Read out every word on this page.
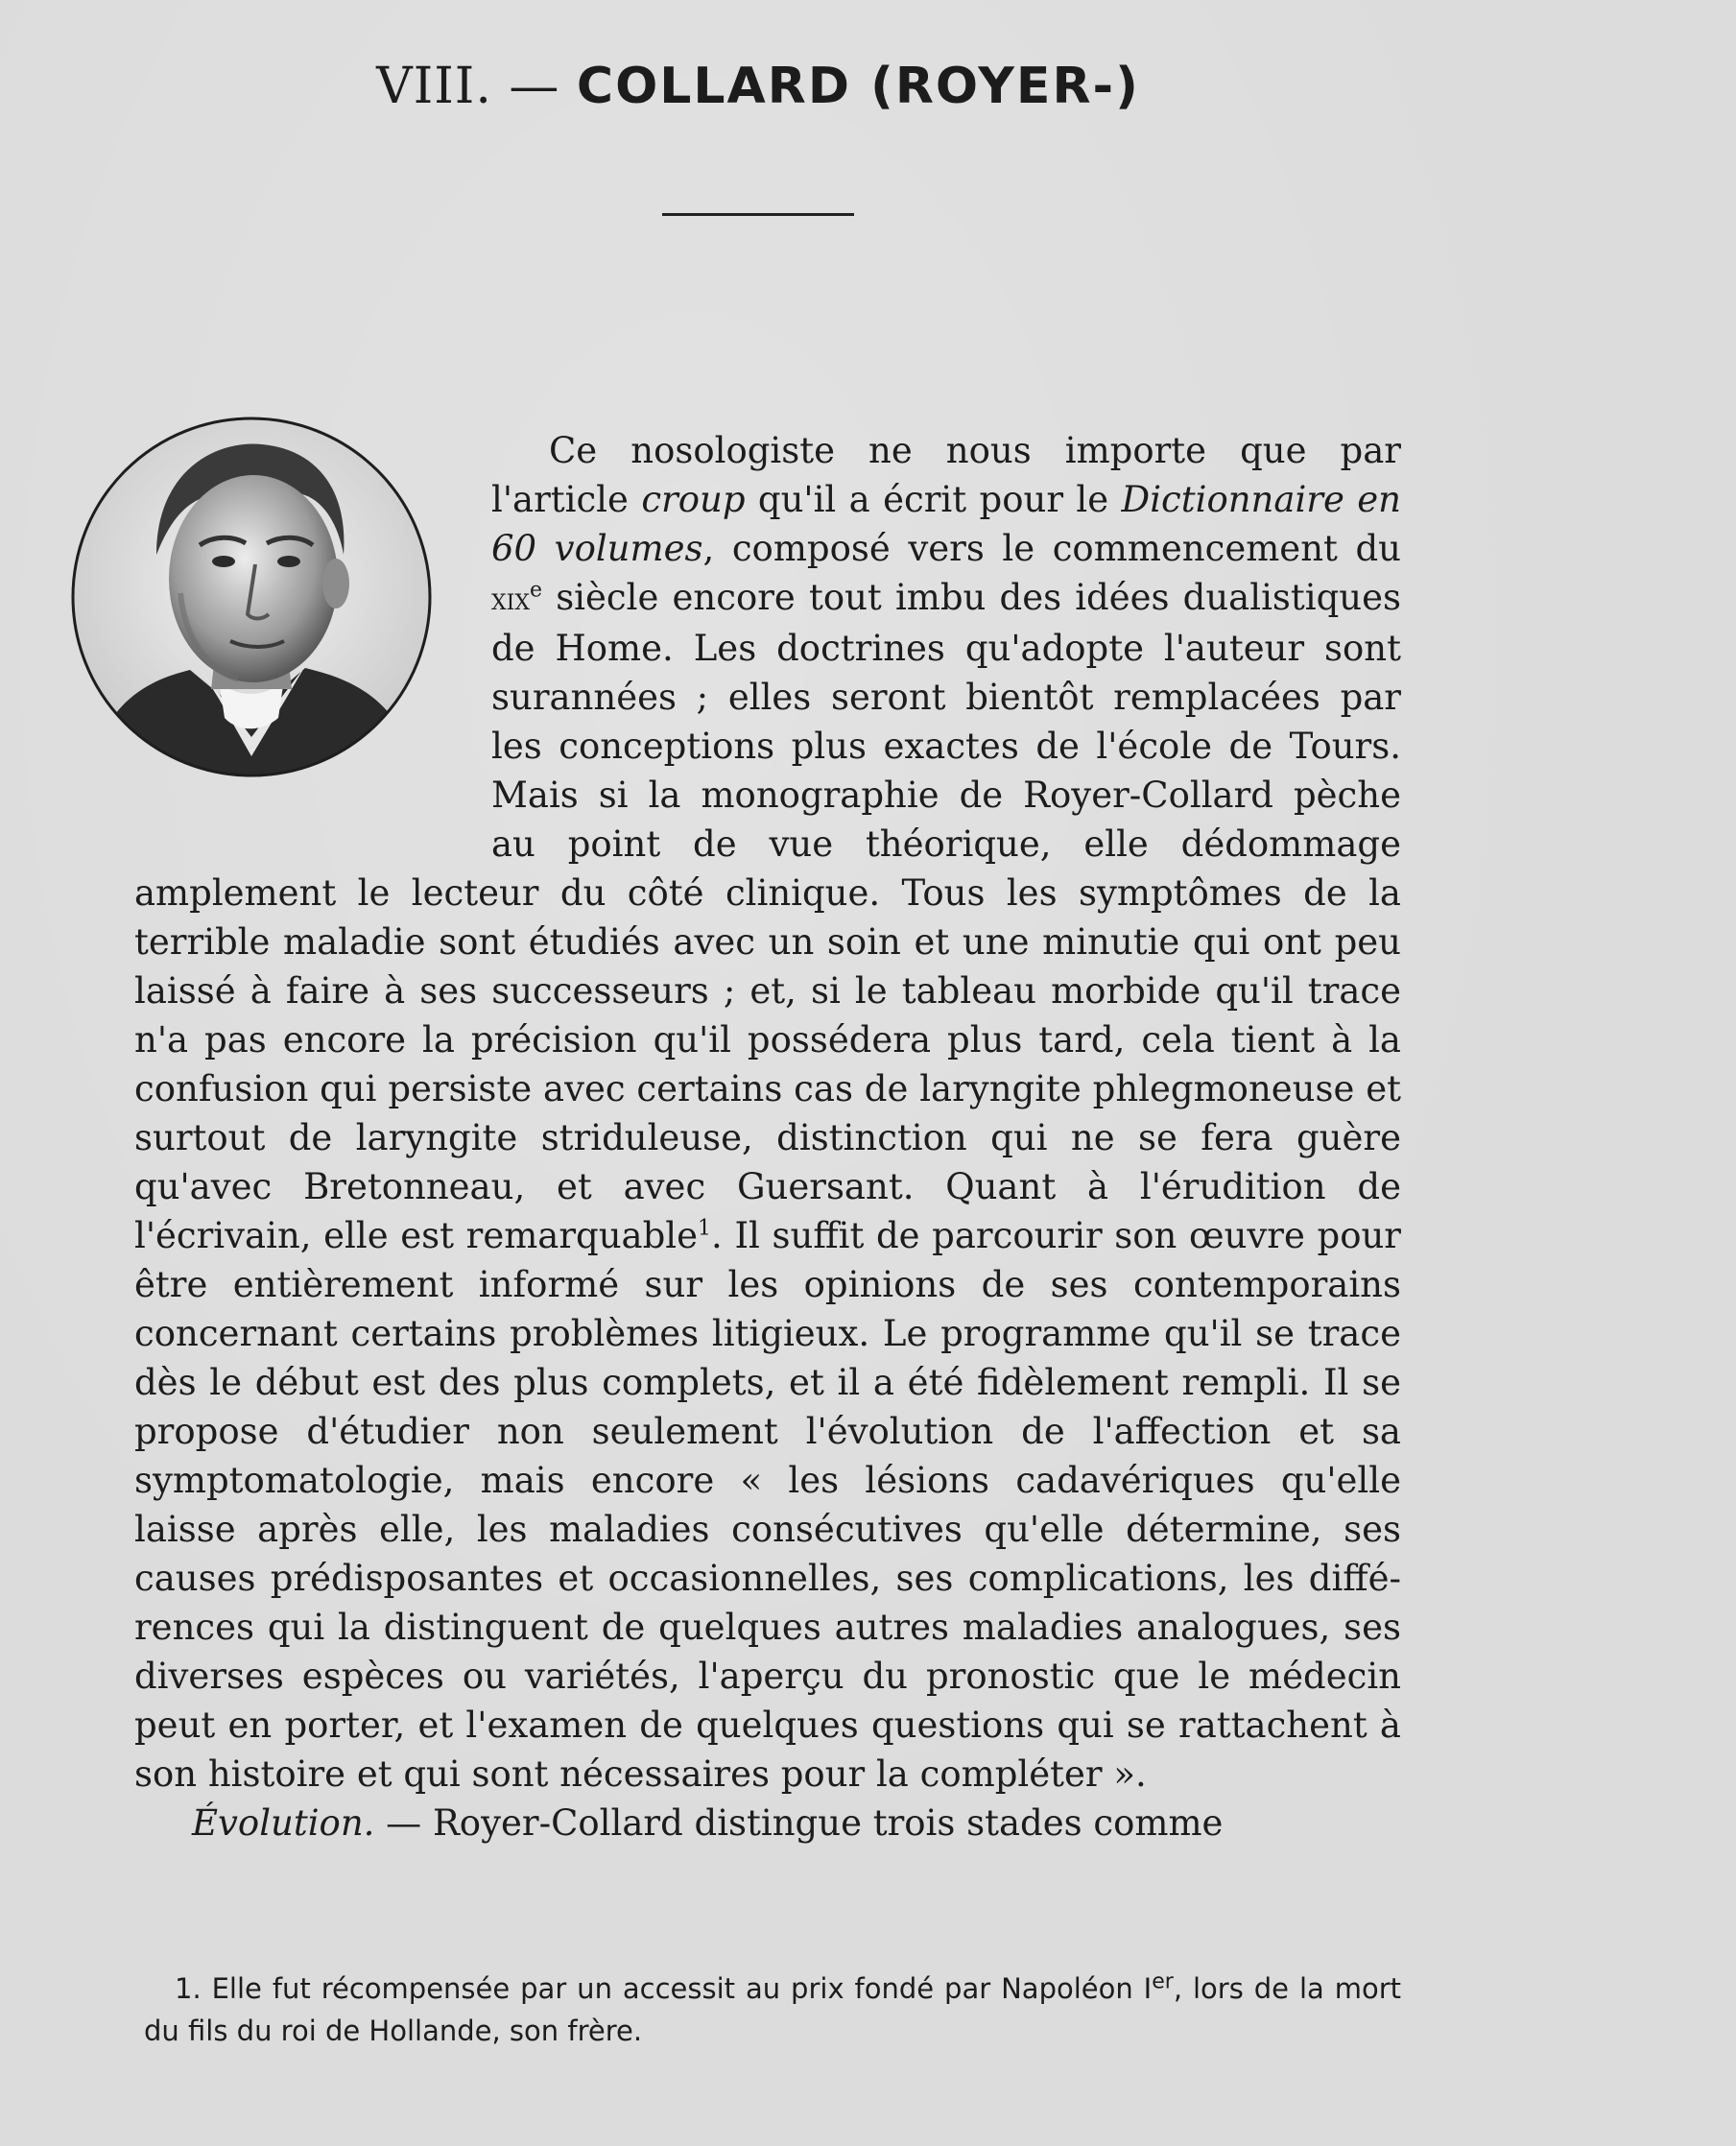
VIII. — COLLARD (ROYER-)

Ce nosologiste ne nous importe que par l'article croup qu'il a écrit pour le Dictionnaire en 60 volumes, composé vers le commencement du xix$^e$ siècle encore tout imbu des idées dualistiques de Home. Les doctrines qu'adopte l'auteur sont surannées ; elles seront bientôt remplacées par les conceptions plus exactes de l'école de Tours. Mais si la monographie de Royer-Collard pèche au point de vue théorique, elle dédommage amplement le lecteur du côté clinique. Tous les symptômes de la terrible maladie sont étudiés avec un soin et une minutie qui ont peu laissé à faire à ses successeurs ; et, si le tableau morbide qu'il trace n'a pas encore la précision qu'il possédera plus tard, cela tient à la confusion qui persiste avec certains cas de laryngite phlegmoneuse et surtout de laryngite striduleuse, distinction qui ne se fera guère qu'avec Bretonneau, et avec Guersant. Quant à l'érudition de l'écrivain, elle est remarquable$^1$. Il suffit de parcourir son œuvre pour être entièrement informé sur les opinions de ses contemporains concernant certains problèmes litigieux. Le programme qu'il se trace dès le début est des plus complets, et il a été fidèlement rempli. Il se propose d'étudier non seulement l'évolution de l'affection et sa symptomatologie, mais encore « les lésions cadavériques qu'elle laisse après elle, les maladies consécutives qu'elle détermine, ses causes prédisposantes et occasionnelles, ses complications, les différences qui la distinguent de quelques autres maladies analogues, ses diverses espèces ou variétés, l'aperçu du pronostic que le médecin peut en porter, et l'examen de quelques questions qui se rattachent à son histoire et qui sont nécessaires pour la compléter ».

Évolution. — Royer-Collard distingue trois stades comme

1. Elle fut récompensée par un accessit au prix fondé par Napoléon Ier, lors de la mort du fils du roi de Hollande, son frère.
